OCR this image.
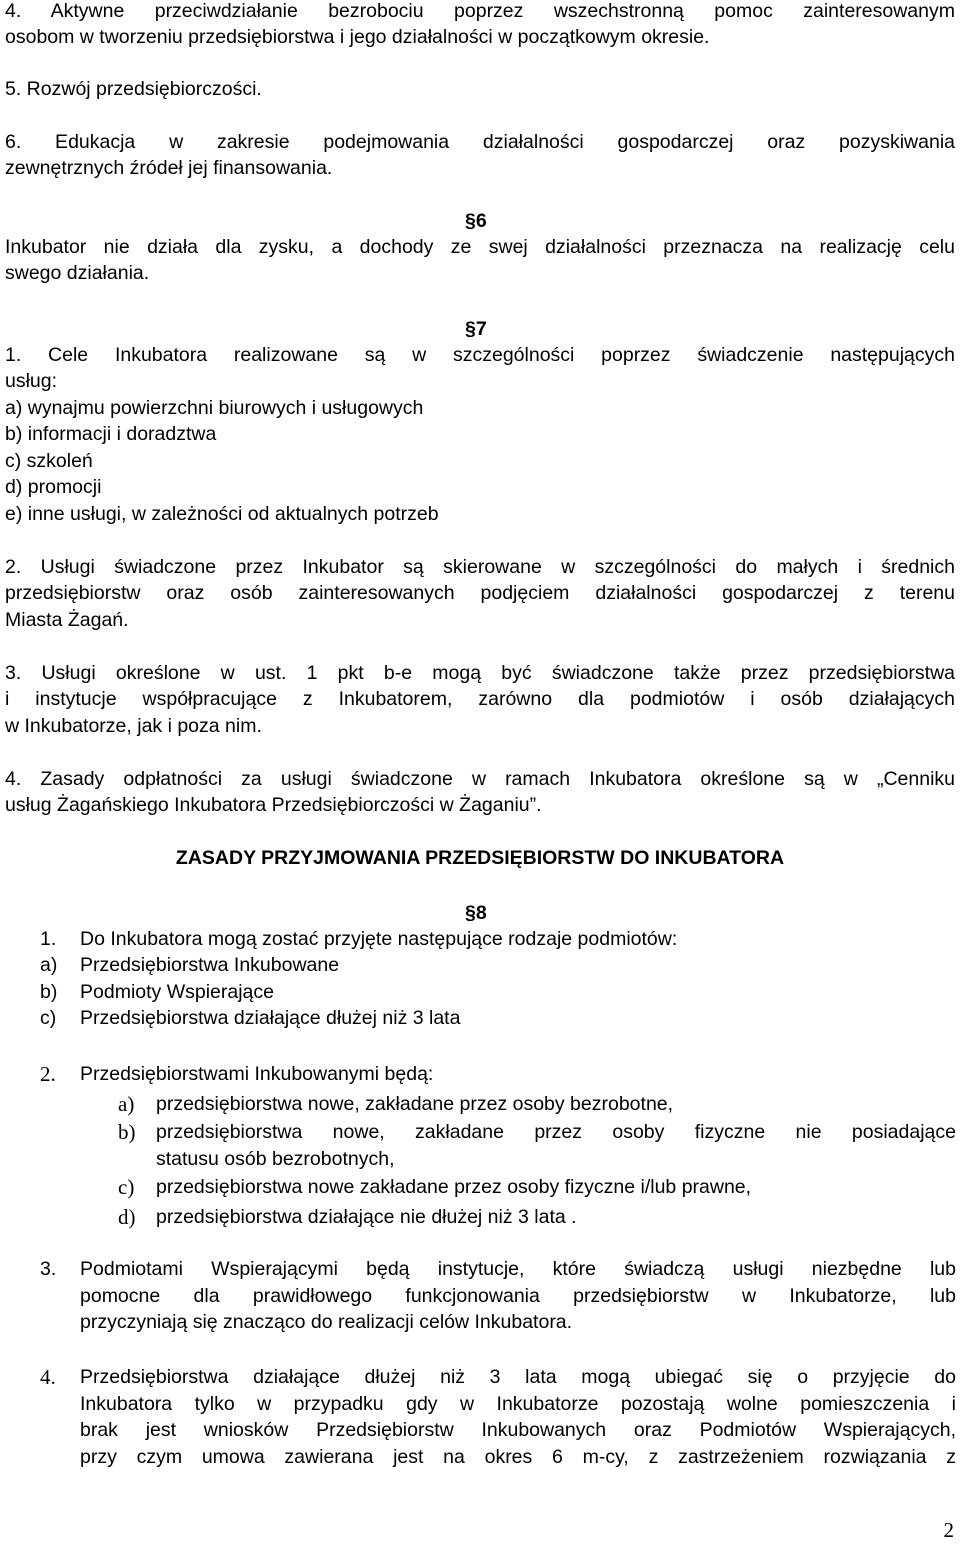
4. Aktywne przeciwdziałanie bezrobociu poprzez wszechstronną pomoc zainteresowanym
osobom w tworzeniu przedsiębiorstwa i jego działalności w początkowym okresie.
5. Rozwój przedsiębiorczości.
6. Edukacja w zakresie podejmowania działalności gospodarczej oraz pozyskiwania
zewnętrznych źródeł jej finansowania.
§6
Inkubator nie działa dla zysku, a dochody ze swej działalności przeznacza na realizację celu
swego działania.
§7
1. Cele Inkubatora realizowane są w szczególności poprzez świadczenie następujących
usług:
a) wynajmu powierzchni biurowych i usługowych
b) informacji i doradztwa
c) szkoleń
d) promocji
e) inne usługi, w zależności od aktualnych potrzeb
2. Usługi świadczone przez Inkubator są skierowane w szczególności do małych i średnich
przedsiębiorstw oraz osób zainteresowanych podjęciem działalności gospodarczej z terenu
Miasta Żagań.
3. Usługi określone w ust. 1 pkt b-e mogą być świadczone także przez przedsiębiorstwa
i instytucje współpracujące z Inkubatorem, zarówno dla podmiotów i osób działających
w Inkubatorze, jak i poza nim.
4. Zasady odpłatności za usługi świadczone w ramach Inkubatora określone są w „Cenniku
usług Żagańskiego Inkubatora Przedsiębiorczości w Żaganiu”.
ZASADY PRZYJMOWANIA PRZEDSIĘBIORSTW DO INKUBATORA
§8
1.	Do Inkubatora mogą zostać przyjęte następujące rodzaje podmiotów:
a)	Przedsiębiorstwa Inkubowane
b)	Podmioty Wspierające
c)	Przedsiębiorstwa działające dłużej niż 3 lata
2.	Przedsiębiorstwami Inkubowanymi będą:
a) przedsiębiorstwa nowe, zakładane przez osoby bezrobotne,
b) przedsiębiorstwa nowe, zakładane przez osoby fizyczne nie posiadające
statusu osób bezrobotnych,
c) przedsiębiorstwa nowe zakładane przez osoby fizyczne i/lub prawne,
d) przedsiębiorstwa działające nie dłużej niż 3 lata .
3.	Podmiotami Wspierającymi będą instytucje, które świadczą usługi niezbędne lub
pomocne dla prawidłowego funkcjonowania przedsiębiorstw w Inkubatorze, lub
przyczyniają się znacząco do realizacji celów Inkubatora.
4.	Przedsiębiorstwa działające dłużej niż 3 lata mogą ubiegać się o przyjęcie do
Inkubatora tylko w przypadku gdy w Inkubatorze pozostają wolne pomieszczenia i
brak jest wniosków Przedsiębiorstw Inkubowanych oraz Podmiotów Wspierających,
przy czym umowa zawierana jest na okres 6 m-cy, z zastrzeżeniem rozwiązania z
2
